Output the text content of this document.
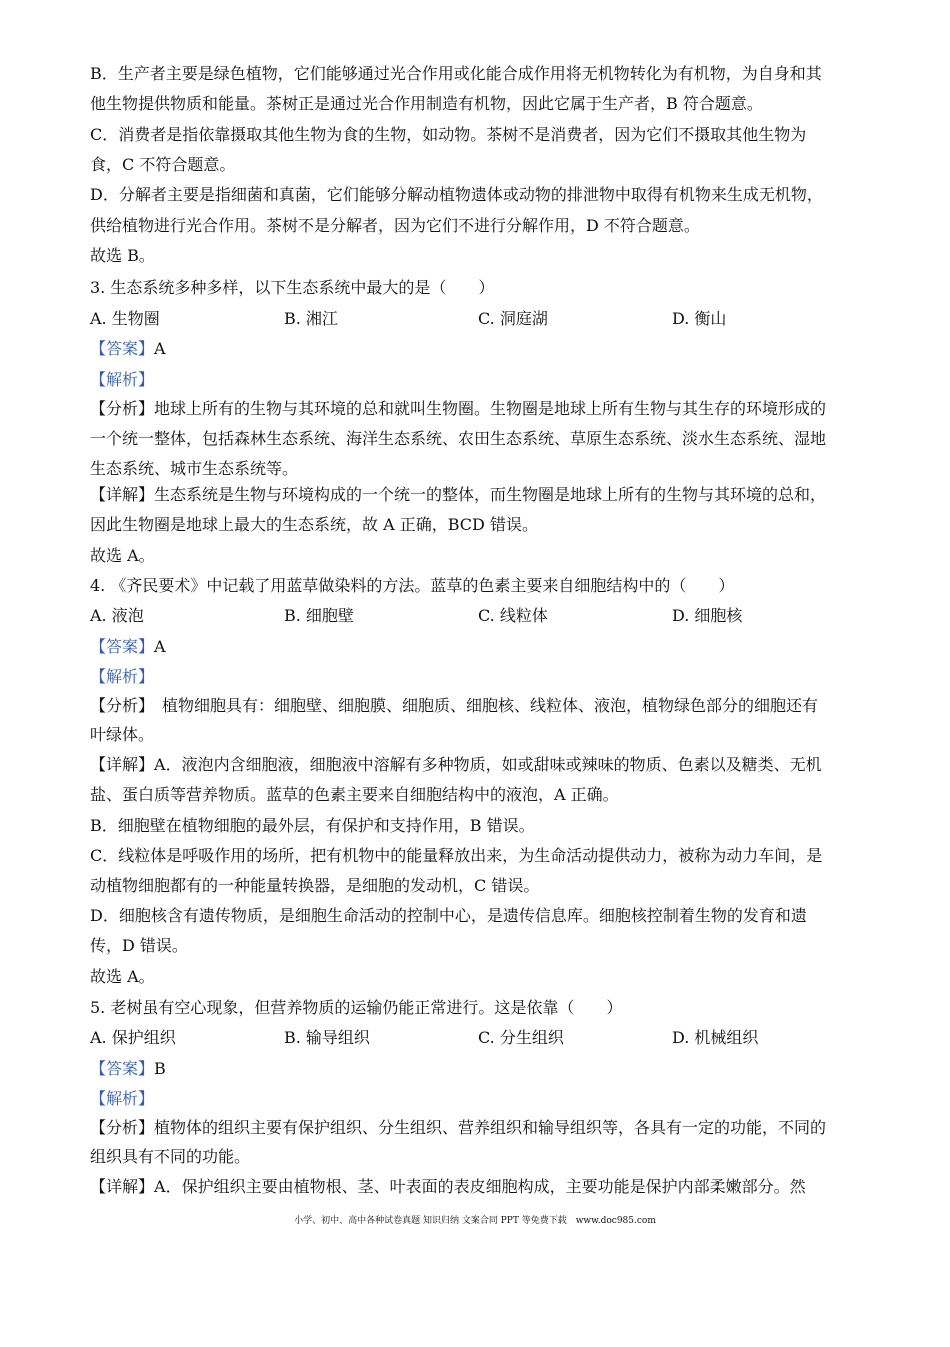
B．生产者主要是绿色植物，它们能够通过光合作用或化能合成作用将无机物转化为有机物，为自身和其
他生物提供物质和能量。茶树正是通过光合作用制造有机物，因此它属于生产者，B 符合题意。
C．消费者是指依靠摄取其他生物为食的生物，如动物。茶树不是消费者，因为它们不摄取其他生物为
食，C 不符合题意。
D．分解者主要是指细菌和真菌，它们能够分解动植物遗体或动物的排泄物中取得有机物来生成无机物，
供给植物进行光合作用。茶树不是分解者，因为它们不进行分解作用，D 不符合题意。
故选 B。
3. 生态系统多种多样，以下生态系统中最大的是（　　）
A. 生物圈	B. 湘江	C. 洞庭湖	D. 衡山
【答案】A
【解析】
【分析】地球上所有的生物与其环境的总和就叫生物圈。生物圈是地球上所有生物与其生存的环境形成的
一个统一整体，包括森林生态系统、海洋生态系统、农田生态系统、草原生态系统、淡水生态系统、湿地
生态系统、城市生态系统等。
【详解】生态系统是生物与环境构成的一个统一的整体，而生物圈是地球上所有的生物与其环境的总和，
因此生物圈是地球上最大的生态系统，故 A 正确，BCD 错误。
故选 A。
4. 《齐民要术》中记载了用蓝草做染料的方法。蓝草的色素主要来自细胞结构中的（　　）
A. 液泡	B. 细胞壁	C. 线粒体	D. 细胞核
【答案】A
【解析】
【分析】　植物细胞具有：细胞壁、细胞膜、细胞质、细胞核、线粒体、液泡，植物绿色部分的细胞还有
叶绿体。
【详解】A．液泡内含细胞液，细胞液中溶解有多种物质，如或甜味或辣味的物质、色素以及糖类、无机
盐、蛋白质等营养物质。蓝草的色素主要来自细胞结构中的液泡，A 正确。
B．细胞壁在植物细胞的最外层，有保护和支持作用，B 错误。
C．线粒体是呼吸作用的场所，把有机物中的能量释放出来，为生命活动提供动力，被称为动力车间，是
动植物细胞都有的一种能量转换器，是细胞的发动机，C 错误。
D．细胞核含有遗传物质，是细胞生命活动的控制中心，是遗传信息库。细胞核控制着生物的发育和遗
传，D 错误。
故选 A。
5. 老树虽有空心现象，但营养物质的运输仍能正常进行。这是依靠（　　）
A. 保护组织	B. 输导组织	C. 分生组织	D. 机械组织
【答案】B
【解析】
【分析】植物体的组织主要有保护组织、分生组织、营养组织和输导组织等，各具有一定的功能，不同的
组织具有不同的功能。
【详解】A．保护组织主要由植物根、茎、叶表面的表皮细胞构成，主要功能是保护内部柔嫩部分。然
小学、初中、高中各种试卷真题 知识归纳 文案合同 PPT 等免费下载　www.doc985.com
